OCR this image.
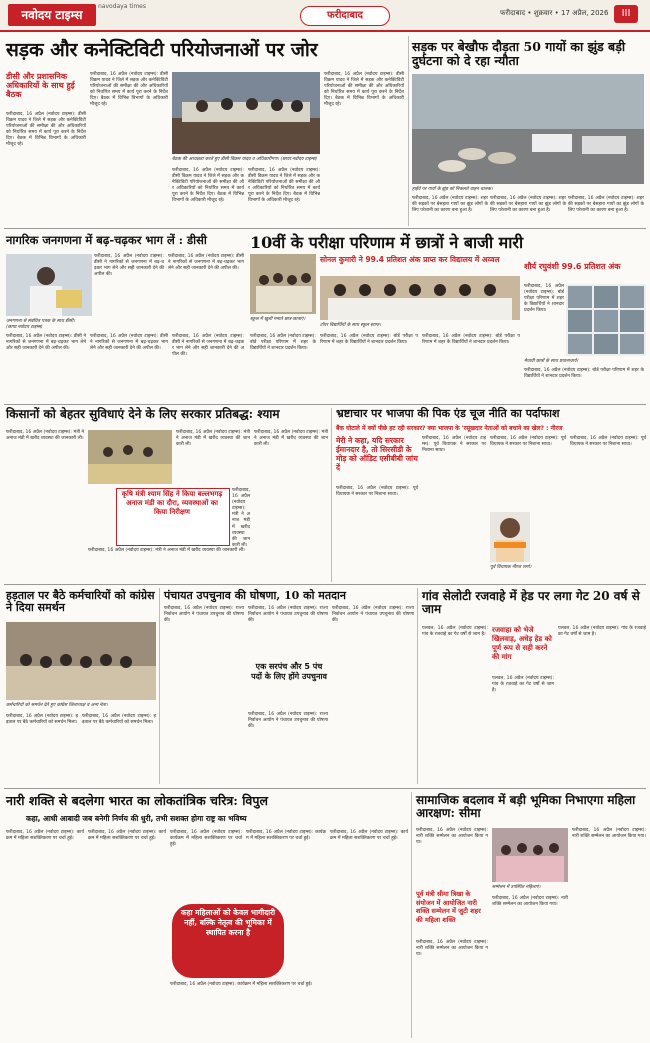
नवोदय टाइम्स
navodaya times
फरीदाबाद	फरीदाबाद • शुक्रवार • 17 अप्रैल, 2026	III
सड़क और कनेक्टिविटी परियोजनाओं पर जोर
डीसी और प्रशासनिक अधिकारियों के साथ हुई बैठक
फरीदाबाद, 16 अप्रैल (नवोदय टाइम्स): डीसी विक्रम यादव ने जिले में सड़क और कनेक्टिविटी परियोजनाओं की समीक्षा की और अधिकारियों को निर्धारित समय में कार्य पूरा करने के निर्देश दिए। बैठक में विभिन्न विभागों के अधिकारी मौजूद रहे।
फरीदाबाद, 16 अप्रैल (नवोदय टाइम्स): डीसी विक्रम यादव ने जिले में सड़क और कनेक्टिविटी परियोजनाओं की समीक्षा की और अधिकारियों को निर्धारित समय में कार्य पूरा करने के निर्देश दिए। बैठक में विभिन्न विभागों के अधिकारी मौजूद रहे।
बैठक की अध्यक्षता करते हुए डीसी विक्रम यादव व अधिकारीगण। (छाया:नवोदय टाइम्स)
फरीदाबाद, 16 अप्रैल (नवोदय टाइम्स): डीसी विक्रम यादव ने जिले में सड़क और कनेक्टिविटी परियोजनाओं की समीक्षा की और अधिकारियों को निर्धारित समय में कार्य पूरा करने के निर्देश दिए। बैठक में विभिन्न विभागों के अधिकारी मौजूद रहे।
फरीदाबाद, 16 अप्रैल (नवोदय टाइम्स): डीसी विक्रम यादव ने जिले में सड़क और कनेक्टिविटी परियोजनाओं की समीक्षा की और अधिकारियों को निर्धारित समय में कार्य पूरा करने के निर्देश दिए। बैठक में विभिन्न विभागों के अधिकारी मौजूद रहे।
फरीदाबाद, 16 अप्रैल (नवोदय टाइम्स): डीसी विक्रम यादव ने जिले में सड़क और कनेक्टिविटी परियोजनाओं की समीक्षा की और अधिकारियों को निर्धारित समय में कार्य पूरा करने के निर्देश दिए। बैठक में विभिन्न विभागों के अधिकारी मौजूद रहे।
सड़क पर बेखौफ दौड़ता 50 गायों का झुंड बड़ी दुर्घटना को दे रहा न्यौता
हाईवे पर गायों के झुंड को निकलते वाहन चालक।
फरीदाबाद, 16 अप्रैल (नवोदय टाइम्स): शहर की सड़कों पर बेसहारा गायों का झुंड लोगों के लिए परेशानी का कारण बना हुआ है।
फरीदाबाद, 16 अप्रैल (नवोदय टाइम्स): शहर की सड़कों पर बेसहारा गायों का झुंड लोगों के लिए परेशानी का कारण बना हुआ है।
फरीदाबाद, 16 अप्रैल (नवोदय टाइम्स): शहर की सड़कों पर बेसहारा गायों का झुंड लोगों के लिए परेशानी का कारण बना हुआ है।
नागरिक जनगणना में बढ़-चढ़कर भाग लें : डीसी
फरीदाबाद, 16 अप्रैल (नवोदय टाइम्स): डीसी ने नागरिकों से जनगणना में बढ़-चढ़कर भाग लेने और सही जानकारी देने की अपील की।
फरीदाबाद, 16 अप्रैल (नवोदय टाइम्स): डीसी ने नागरिकों से जनगणना में बढ़-चढ़कर भाग लेने और सही जानकारी देने की अपील की।
जनगणना से संबंधित पत्रक के साथ डीसी। (छाया:नवोदय टाइम्स)
फरीदाबाद, 16 अप्रैल (नवोदय टाइम्स): डीसी ने नागरिकों से जनगणना में बढ़-चढ़कर भाग लेने और सही जानकारी देने की अपील की।
फरीदाबाद, 16 अप्रैल (नवोदय टाइम्स): डीसी ने नागरिकों से जनगणना में बढ़-चढ़कर भाग लेने और सही जानकारी देने की अपील की।
फरीदाबाद, 16 अप्रैल (नवोदय टाइम्स): डीसी ने नागरिकों से जनगणना में बढ़-चढ़कर भाग लेने और सही जानकारी देने की अपील की।
10वीं के परीक्षा परिणाम में छात्रों ने बाजी मारी
सोनल कुमारी ने 99.4 प्रतिशत अंक प्राप्त कर विद्यालय में अव्वल
शौर्य रघुवंशी 99.6 प्रतिशत अंक
स्कूल में खुशी मनाते छात्र-छात्राएं।
टॉपर विद्यार्थियों के साथ स्कूल स्टाफ।
फरीदाबाद, 16 अप्रैल (नवोदय टाइम्स): बोर्ड परीक्षा परिणाम में शहर के विद्यार्थियों ने शानदार प्रदर्शन किया।
मेधावी छात्रों के साथ प्रधानाचार्य।
फरीदाबाद, 16 अप्रैल (नवोदय टाइम्स): बोर्ड परीक्षा परिणाम में शहर के विद्यार्थियों ने शानदार प्रदर्शन किया।
फरीदाबाद, 16 अप्रैल (नवोदय टाइम्स): बोर्ड परीक्षा परिणाम में शहर के विद्यार्थियों ने शानदार प्रदर्शन किया।
फरीदाबाद, 16 अप्रैल (नवोदय टाइम्स): बोर्ड परीक्षा परिणाम में शहर के विद्यार्थियों ने शानदार प्रदर्शन किया।
फरीदाबाद, 16 अप्रैल (नवोदय टाइम्स): बोर्ड परीक्षा परिणाम में शहर के विद्यार्थियों ने शानदार प्रदर्शन किया।
किसानों को बेहतर सुविधाएं देने के लिए सरकार प्रतिबद्ध: श्याम
फरीदाबाद, 16 अप्रैल (नवोदय टाइम्स): मंत्री ने अनाज मंडी में खरीद व्यवस्था की जानकारी ली।
कृषि मंत्री श्याम सिंह ने किया बल्लभगढ़ अनाज मंडी का दौरा, व्यवस्थाओं का किया निरीक्षण
फरीदाबाद, 16 अप्रैल (नवोदय टाइम्स): मंत्री ने अनाज मंडी में खरीद व्यवस्था की जानकारी ली।
फरीदाबाद, 16 अप्रैल (नवोदय टाइम्स): मंत्री ने अनाज मंडी में खरीद व्यवस्था की जानकारी ली।
फरीदाबाद, 16 अप्रैल (नवोदय टाइम्स): मंत्री ने अनाज मंडी में खरीद व्यवस्था की जानकारी ली।
फरीदाबाद, 16 अप्रैल (नवोदय टाइम्स): मंत्री ने अनाज मंडी में खरीद व्यवस्था की जानकारी ली।
भ्रष्टाचार पर भाजपा की पिक एंड चूज नीति का पर्दाफाश
बैंक घोटाले में क्यों पीछे हट रही सरकार? क्या भाजपा के 'रसूखदार नेताओं को बचाने का खेल? : नीरज
मेरी ने कहा, यदि सरकार ईमानदार है, तो सिरसीडी के मोड़ को ऑडिट एसीबीबी जांच दें
फरीदाबाद, 16 अप्रैल (नवोदय टाइम्स): पूर्व विधायक ने सरकार पर निशाना साधा।
फरीदाबाद, 16 अप्रैल (नवोदय टाइम्स): पूर्व विधायक ने सरकार पर निशाना साधा।
पूर्व विधायक नीरज शर्मा।
फरीदाबाद, 16 अप्रैल (नवोदय टाइम्स): पूर्व विधायक ने सरकार पर निशाना साधा।
फरीदाबाद, 16 अप्रैल (नवोदय टाइम्स): पूर्व विधायक ने सरकार पर निशाना साधा।
हड़ताल पर बैठे कर्मचारियों को कांग्रेस ने दिया समर्थन
कर्मचारियों को समर्थन देते हुए कांग्रेस जिलाध्यक्ष व अन्य नेता।
फरीदाबाद, 16 अप्रैल (नवोदय टाइम्स): हड़ताल पर बैठे कर्मचारियों को समर्थन मिला।
फरीदाबाद, 16 अप्रैल (नवोदय टाइम्स): हड़ताल पर बैठे कर्मचारियों को समर्थन मिला।
पंचायत उपचुनाव की घोषणा, 10 को मतदान
फरीदाबाद, 16 अप्रैल (नवोदय टाइम्स): राज्य निर्वाचन आयोग ने पंचायत उपचुनाव की घोषणा की।
फरीदाबाद, 16 अप्रैल (नवोदय टाइम्स): राज्य निर्वाचन आयोग ने पंचायत उपचुनाव की घोषणा की।
एक सरपंच और 5 पंच पदों के लिए होंगे उपचुनाव
फरीदाबाद, 16 अप्रैल (नवोदय टाइम्स): राज्य निर्वाचन आयोग ने पंचायत उपचुनाव की घोषणा की।
फरीदाबाद, 16 अप्रैल (नवोदय टाइम्स): राज्य निर्वाचन आयोग ने पंचायत उपचुनाव की घोषणा की।
गांव सेलोटी रजवाहे में हेड पर लगा गेट 20 वर्ष से जाम
पलवल, 16 अप्रैल (नवोदय टाइम्स): गांव के रजवाहे का गेट वर्षों से जाम है।
रजवाहा को भेजे खिलवाड़, अधेड़ हेड को पूर्ण रूप से सही करने की मांग
पलवल, 16 अप्रैल (नवोदय टाइम्स): गांव के रजवाहे का गेट वर्षों से जाम है।
पलवल, 16 अप्रैल (नवोदय टाइम्स): गांव के रजवाहे का गेट वर्षों से जाम है।
नारी शक्ति से बदलेगा भारत का लोकतांत्रिक चरित्र: विपुल
कहा, आधी आबादी जब बनेगी निर्णय की धुरी, तभी सशक्त होगा राष्ट्र का भविष्य
फरीदाबाद, 16 अप्रैल (नवोदय टाइम्स): कार्यक्रम में महिला सशक्तिकरण पर चर्चा हुई।
फरीदाबाद, 16 अप्रैल (नवोदय टाइम्स): कार्यक्रम में महिला सशक्तिकरण पर चर्चा हुई।
फरीदाबाद, 16 अप्रैल (नवोदय टाइम्स): कार्यक्रम में महिला सशक्तिकरण पर चर्चा हुई।
कहा महिलाओं को केवल भागीदारी नहीं, बल्कि नेतृत्व की भूमिका में स्थापित करना है
फरीदाबाद, 16 अप्रैल (नवोदय टाइम्स): कार्यक्रम में महिला सशक्तिकरण पर चर्चा हुई।
फरीदाबाद, 16 अप्रैल (नवोदय टाइम्स): कार्यक्रम में महिला सशक्तिकरण पर चर्चा हुई।
फरीदाबाद, 16 अप्रैल (नवोदय टाइम्स): कार्यक्रम में महिला सशक्तिकरण पर चर्चा हुई।
सामाजिक बदलाव में बड़ी भूमिका निभाएगा महिला आरक्षण: सीमा
फरीदाबाद, 16 अप्रैल (नवोदय टाइम्स): नारी शक्ति सम्मेलन का आयोजन किया गया।
पूर्व मंत्री सीमा त्रिखा के संयोजन में आयोजित नारी शक्ति सम्मेलन में जुटी शहर की महिला शक्ति
सम्मेलन में उपस्थित महिलाएं।
फरीदाबाद, 16 अप्रैल (नवोदय टाइम्स): नारी शक्ति सम्मेलन का आयोजन किया गया।
फरीदाबाद, 16 अप्रैल (नवोदय टाइम्स): नारी शक्ति सम्मेलन का आयोजन किया गया।
फरीदाबाद, 16 अप्रैल (नवोदय टाइम्स): नारी शक्ति सम्मेलन का आयोजन किया गया।
